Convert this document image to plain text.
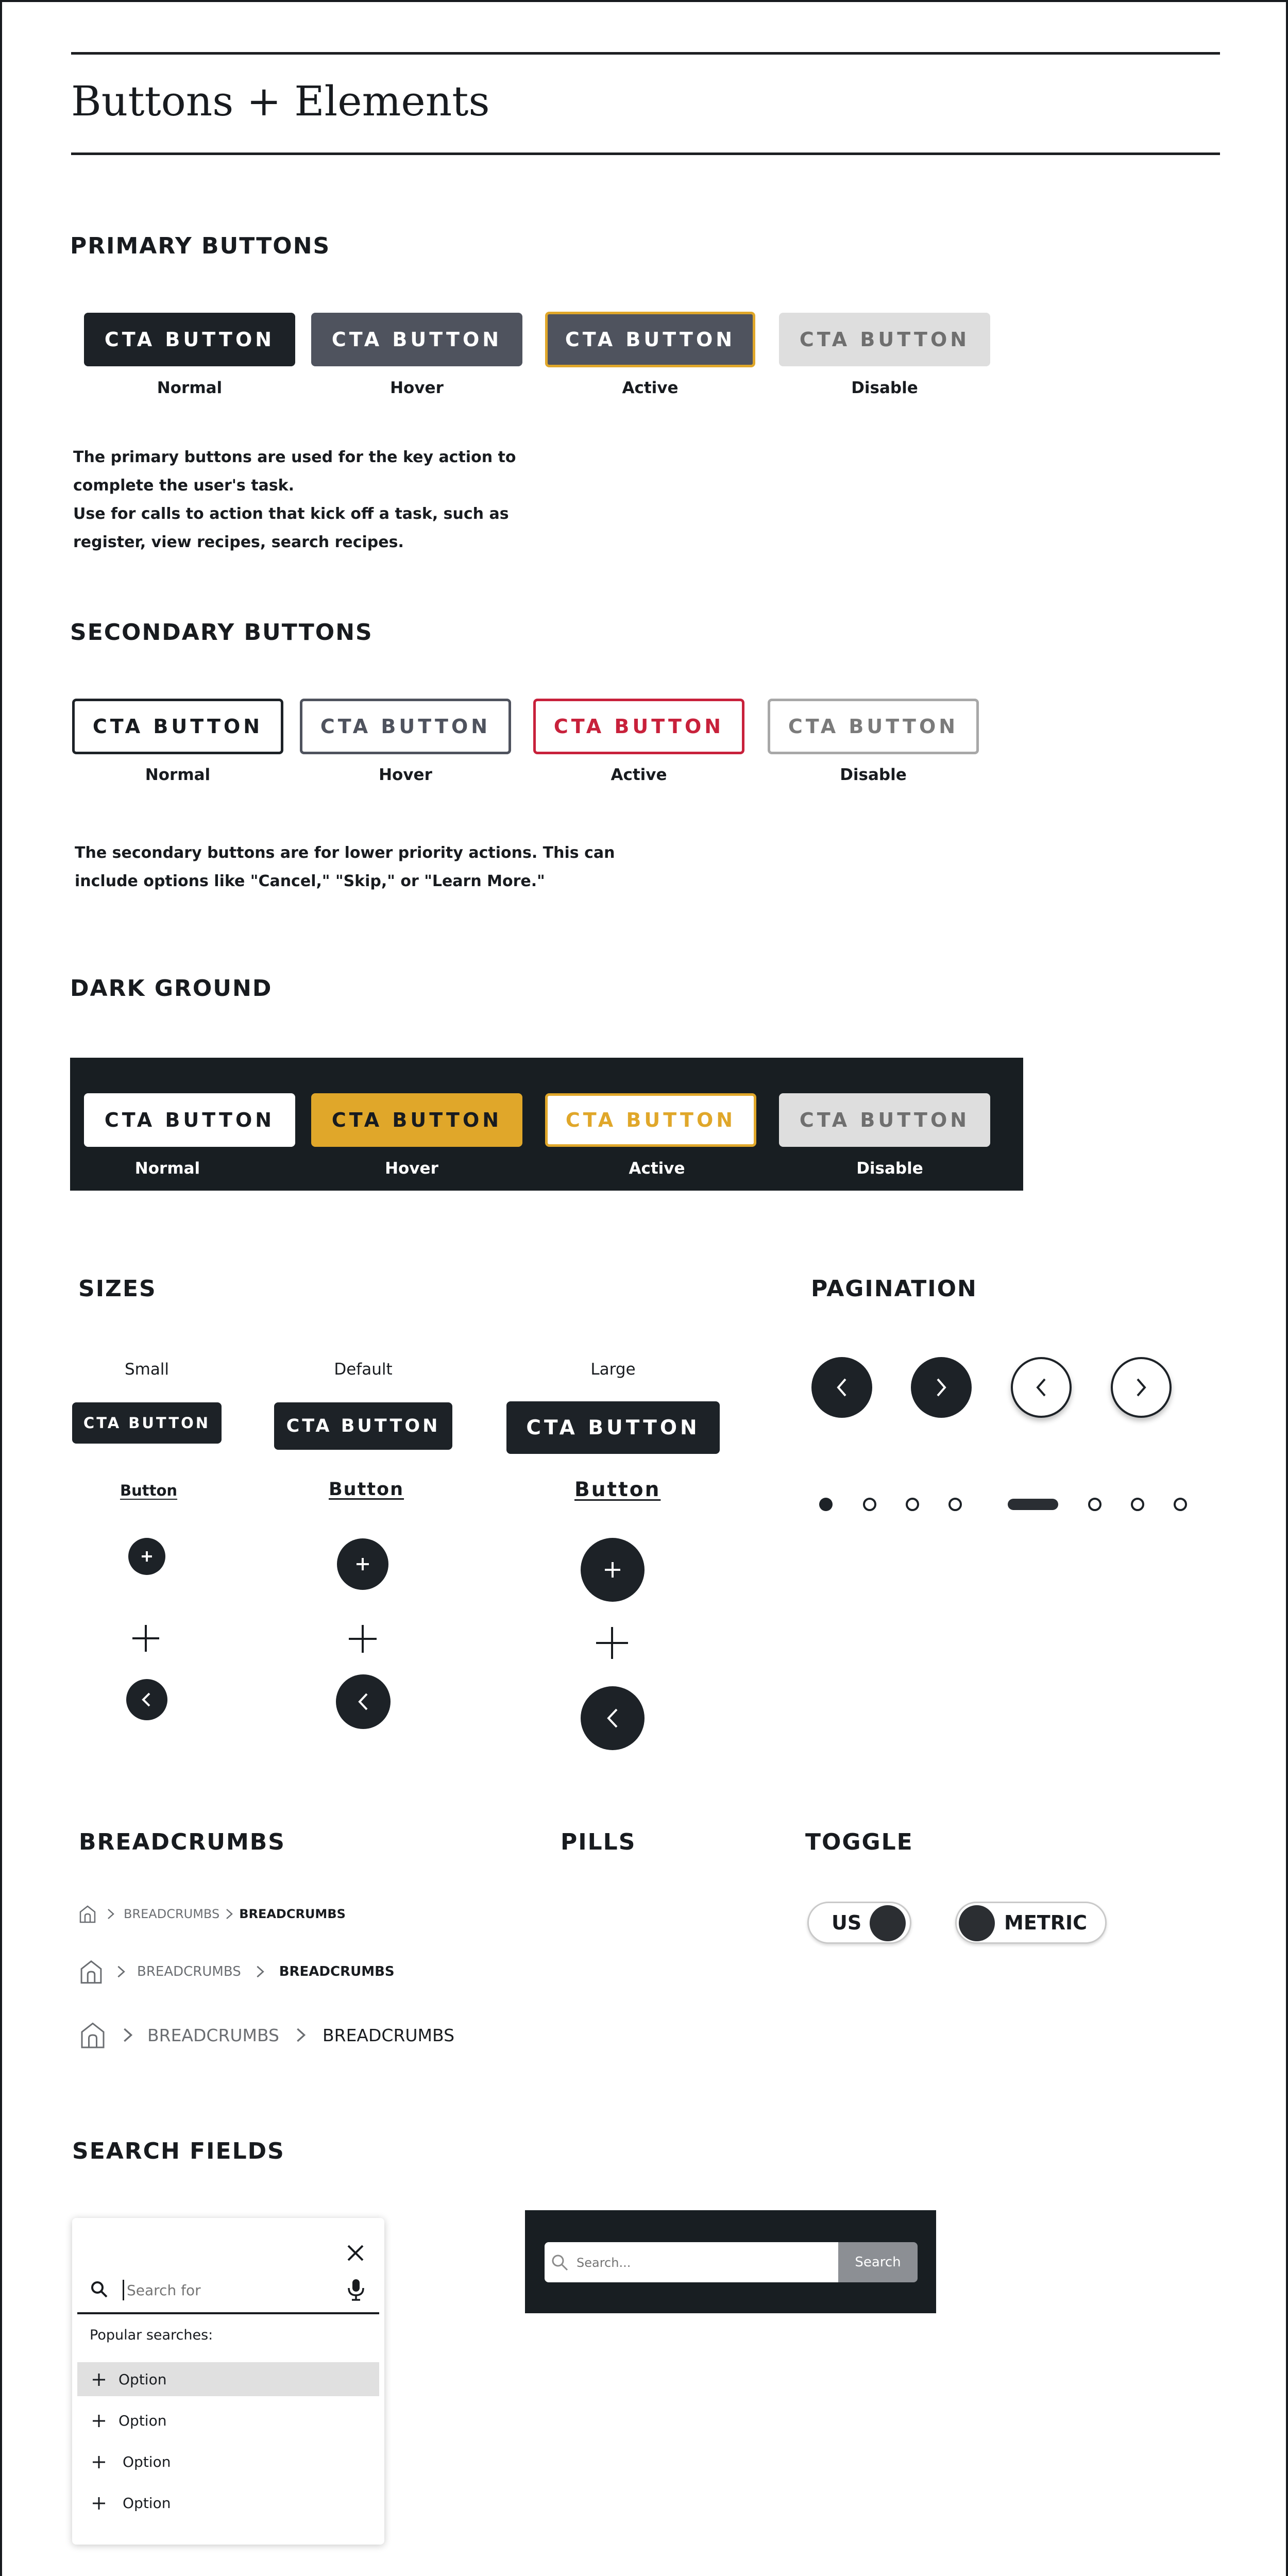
Buttons + Elements
PRIMARY BUTTONS
CTA BUTTON	CTA BUTTON	CTA BUTTON	CTA BUTTON
Normal	Hover	Active	Disable
The primary buttons are used for the key action to
complete the user's task.
Use for calls to action that kick off a task, such as
register, view recipes, search recipes.
SECONDARY BUTTONS
CTA BUTTON	CTA BUTTON	CTA BUTTON	CTA BUTTON
Normal	Hover	Active	Disable
The secondary buttons are for lower priority actions. This can
include options like "Cancel," "Skip," or "Learn More."
DARK GROUND
CTA BUTTON	CTA BUTTON	CTA BUTTON	CTA BUTTON
Normal	Hover	Active	Disable
SIZES
Small	Default	Large
CTA BUTTON	CTA BUTTON	CTA BUTTON
Button	Button	Button
PAGINATION
BREADCRUMBS
BREADCRUMBS BREADCRUMBS
BREADCRUMBS	BREADCRUMBS
BREADCRUMBS	BREADCRUMBS
PILLS	TOGGLE
US	METRIC
SEARCH FIELDS
Search for
Popular searches:
Option
Option
Option
Option
Search...
Search
